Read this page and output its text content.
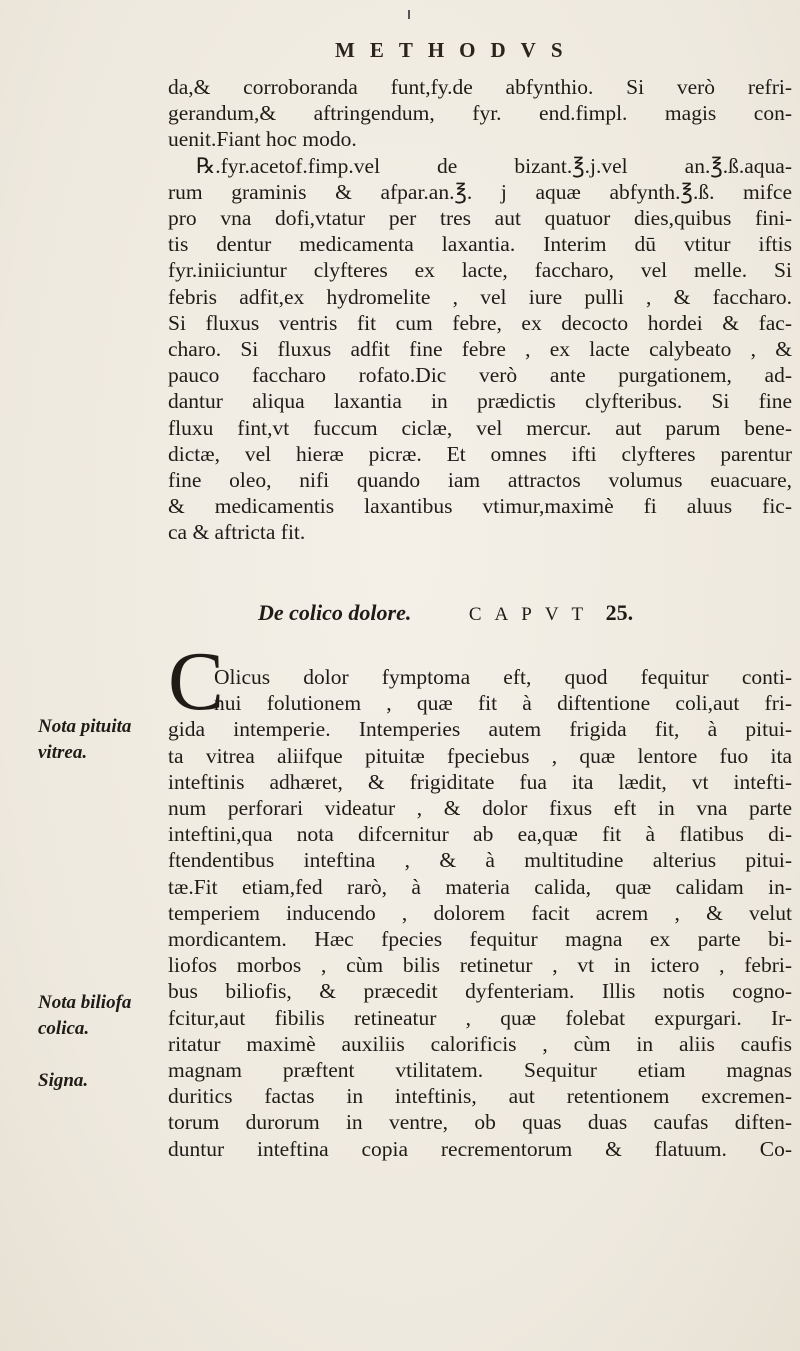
METHODVS
da,& corroboranda funt,fy.de abfynthio. Si verò refri-
gerandum,& aftringendum, fyr. end.fimpl. magis con-
uenit.Fiant hoc modo.
℞.fyr.acetof.fimp.vel de bizant.℥.j.vel an.℥.ß.aqua-
rum graminis & afpar.an.℥. j aquæ abfynth.℥.ß. mifce
pro vna dofi,vtatur per tres aut quatuor dies,quibus fini-
tis dentur medicamenta laxantia. Interim dū vtitur iftis
fyr.iniiciuntur clyfteres ex lacte, faccharo, vel melle. Si
febris adfit,ex hydromelite , vel iure pulli , & faccharo.
Si fluxus ventris fit cum febre, ex decocto hordei & fac-
charo. Si fluxus adfit fine febre , ex lacte calybeato , &
pauco faccharo rofato.Dic verò ante purgationem, ad-
dantur aliqua laxantia in prædictis clyfteribus. Si fine
fluxu fint,vt fuccum ciclæ, vel mercur. aut parum bene-
dictæ, vel hieræ picræ. Et omnes ifti clyfteres parentur
fine oleo, nifi quando iam attractos volumus euacuare,
& medicamentis laxantibus vtimur,maximè fi aluus fic-
ca & aftricta fit.
De colico dolore.	CAPVT 25.
C
Olicus dolor fymptoma eft, quod fequitur conti-
nui folutionem , quæ fit à diftentione coli,aut fri-
gida intemperie. Intemperies autem frigida fit, à pitui-
ta vitrea aliifque pituitæ fpeciebus , quæ lentore fuo ita
inteftinis adhæret, & frigiditate fua ita lædit, vt intefti-
num perforari videatur , & dolor fixus eft in vna parte
inteftini,qua nota difcernitur ab ea,quæ fit à flatibus di-
ftendentibus inteftina , & à multitudine alterius pitui-
tæ.Fit etiam,fed rarò, à materia calida, quæ calidam in-
temperiem inducendo , dolorem facit acrem , & velut
mordicantem. Hæc fpecies fequitur magna ex parte bi-
liofos morbos , cùm bilis retinetur , vt in ictero , febri-
bus biliofis, & præcedit dyfenteriam. Illis notis cogno-
fcitur,aut fibilis retineatur , quæ folebat expurgari. Ir-
ritatur maximè auxiliis calorificis , cùm in aliis caufis
magnam præftent vtilitatem. Sequitur etiam magnas
duritics factas in inteftinis, aut retentionem excremen-
torum durorum in ventre, ob quas duas caufas diften-
duntur inteftina copia recrementorum & flatuum. Co-
Nota pituita
vitrea.
Nota biliofa
colica.
Signa.
